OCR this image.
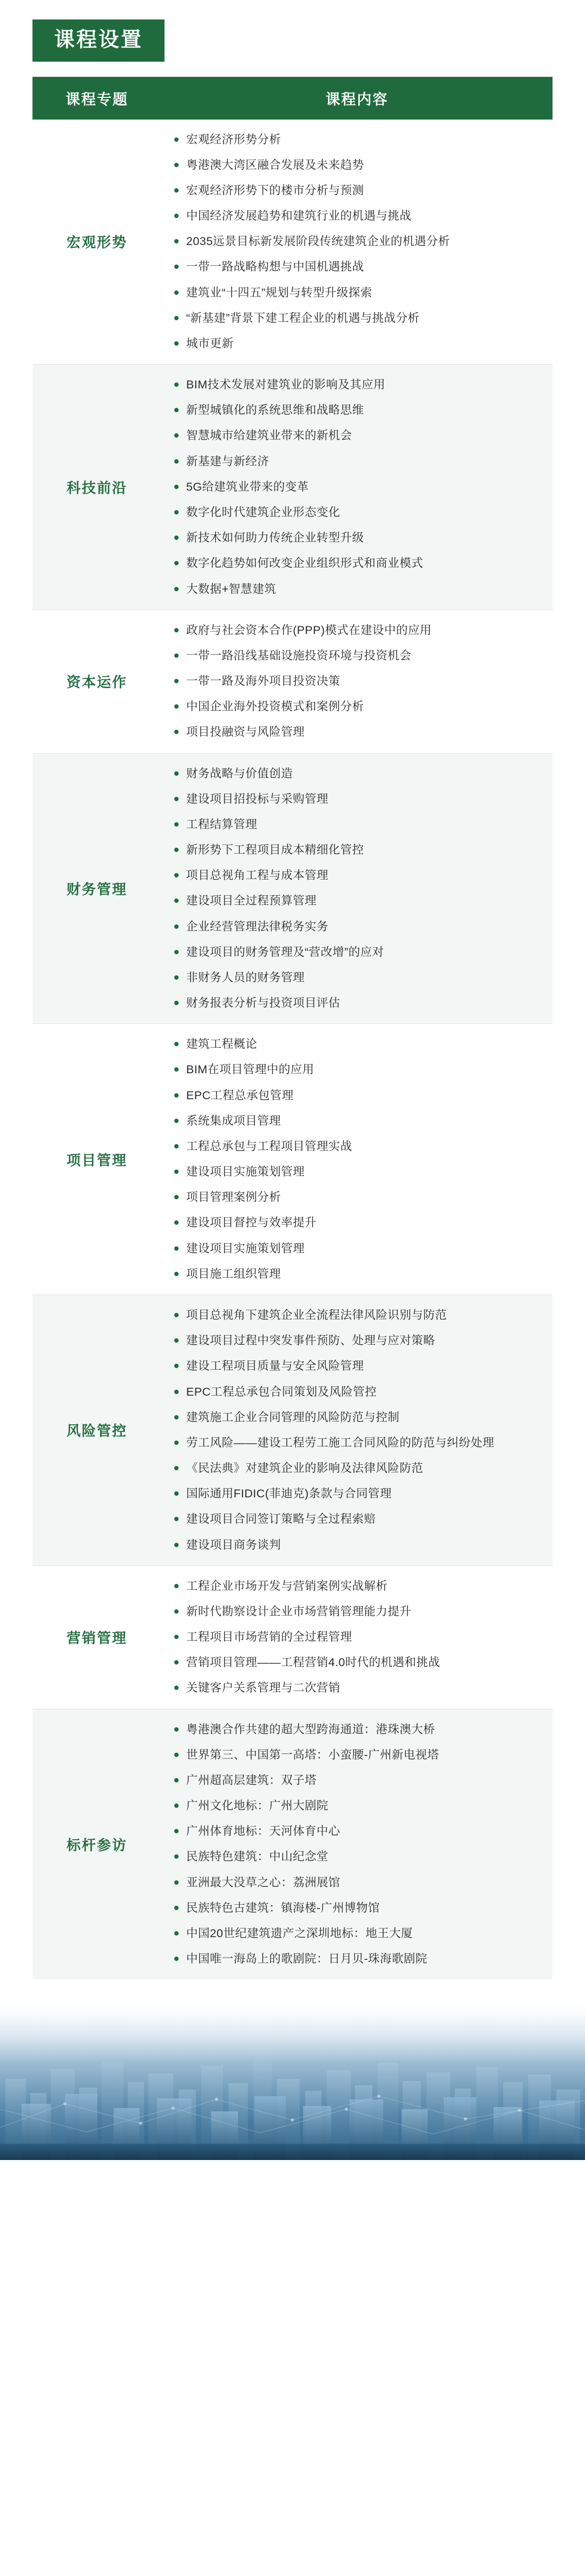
课程设置
课程专题	课程内容
宏观形势	
宏观经济形势分析
粤港澳大湾区融合发展及未来趋势
宏观经济形势下的楼市分析与预测
中国经济发展趋势和建筑行业的机遇与挑战
2035远景目标新发展阶段传统建筑企业的机遇分析
一带一路战略构想与中国机遇挑战
建筑业“十四五”规划与转型升级探索
“新基建”背景下建工程企业的机遇与挑战分析
城市更新

科技前沿	
BIM技术发展对建筑业的影响及其应用
新型城镇化的系统思维和战略思维
智慧城市给建筑业带来的新机会
新基建与新经济
5G给建筑业带来的变革
数字化时代建筑企业形态变化
新技术如何助力传统企业转型升级
数字化趋势如何改变企业组织形式和商业模式
大数据+智慧建筑

资本运作	
政府与社会资本合作(PPP)模式在建设中的应用
一带一路沿线基础设施投资环境与投资机会
一带一路及海外项目投资决策
中国企业海外投资模式和案例分析
项目投融资与风险管理

财务管理	
财务战略与价值创造
建设项目招投标与采购管理
工程结算管理
新形势下工程项目成本精细化管控
项目总视角工程与成本管理
建设项目全过程预算管理
企业经营管理法律税务实务
建设项目的财务管理及“营改增”的应对
非财务人员的财务管理
财务报表分析与投资项目评估

项目管理	
建筑工程概论
BIM在项目管理中的应用
EPC工程总承包管理
系统集成项目管理
工程总承包与工程项目管理实战
建设项目实施策划管理
项目管理案例分析
建设项目督控与效率提升
建设项目实施策划管理
项目施工组织管理

风险管控	
项目总视角下建筑企业全流程法律风险识别与防范
建设项目过程中突发事件预防、处理与应对策略
建设工程项目质量与安全风险管理
EPC工程总承包合同策划及风险管控
建筑施工企业合同管理的风险防范与控制
劳工风险——建设工程劳工施工合同风险的防范与纠纷处理
《民法典》对建筑企业的影响及法律风险防范
国际通用FIDIC(菲迪克)条款与合同管理
建设项目合同签订策略与全过程索赔
建设项目商务谈判

营销管理	
工程企业市场开发与营销案例实战解析
新时代勘察设计企业市场营销管理能力提升
工程项目市场营销的全过程管理
营销项目管理——工程营销4.0时代的机遇和挑战
关键客户关系管理与二次营销

标杆参访	
粤港澳合作共建的超大型跨海通道：港珠澳大桥
世界第三、中国第一高塔：小蛮腰-广州新电视塔
广州超高层建筑：双子塔
广州文化地标：广州大剧院
广州体育地标：天河体育中心
民族特色建筑：中山纪念堂
亚洲最大没草之心：荔洲展馆
民族特色古建筑：镇海楼-广州博物馆
中国20世纪建筑遗产之深圳地标：地王大厦
中国唯一海岛上的歌剧院：日月贝-珠海歌剧院
